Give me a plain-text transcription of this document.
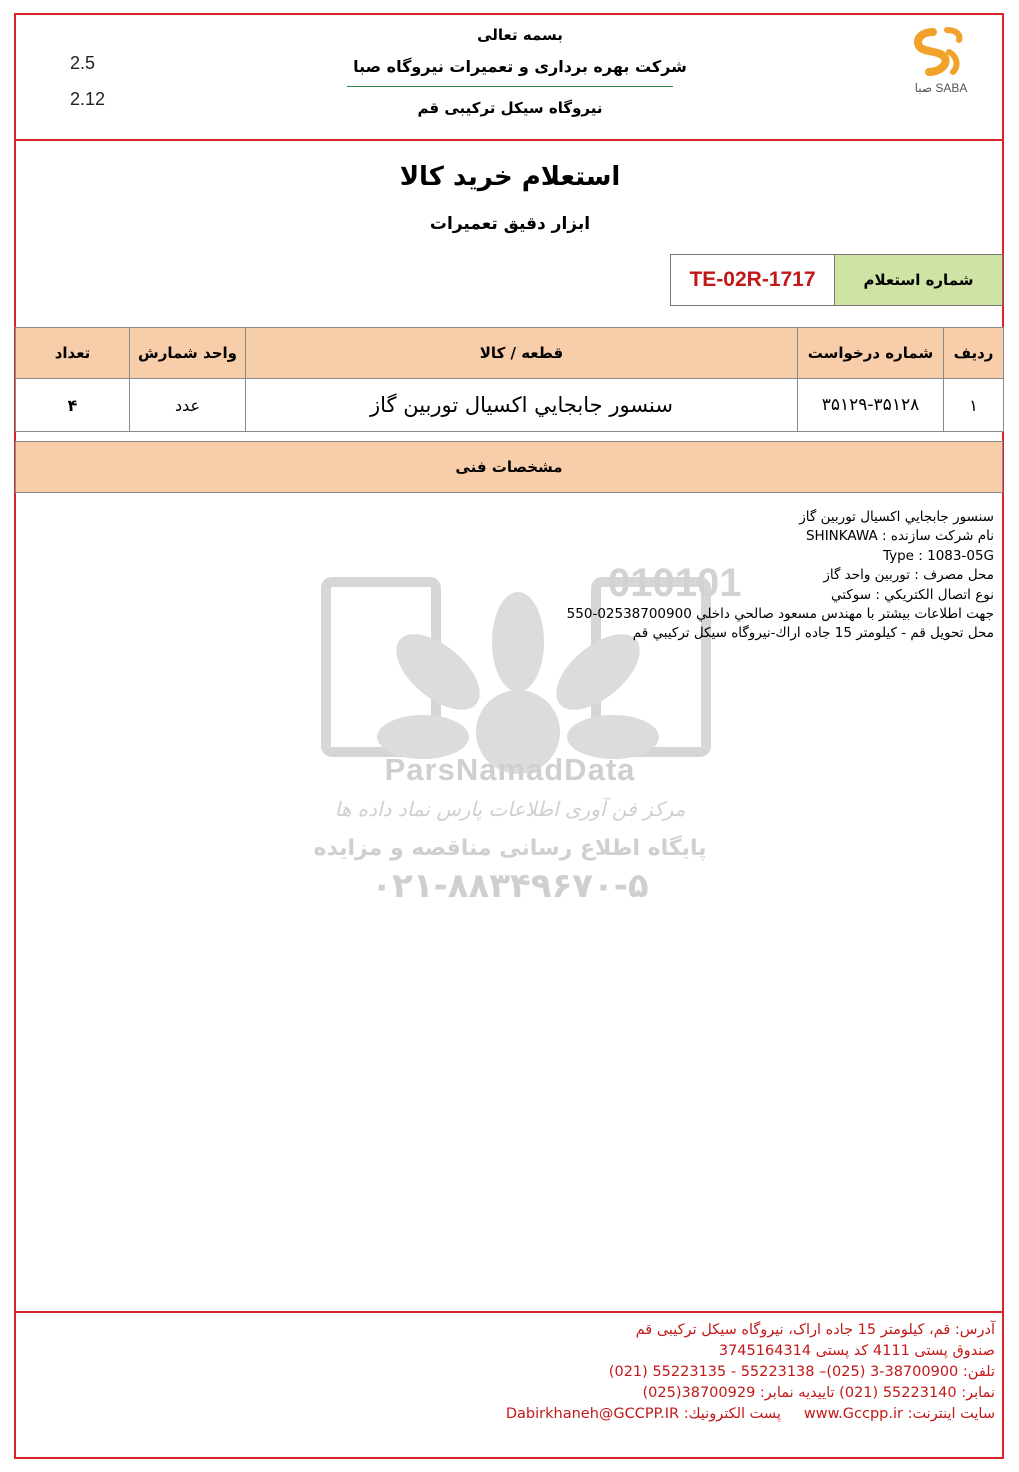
بسمه تعالی
شرکت بهره برداری و تعمیرات نیروگاه صبا
نیروگاه سیکل ترکیبی قم
2.5
2.12
صبا SABA
استعلام خرید کالا
ابزار دقیق تعمیرات
شماره استعلام
TE-02R-1717
ردیف	شماره درخواست	قطعه / کالا	واحد شمارش	تعداد
۱	۳۵۱۲۹-۳۵۱۲۸	سنسور جابجايي اكسيال توربين گاز	عدد	۴
مشخصات فنی
010101
ParsNamadData
مرکز فن آوری اطلاعات پارس نماد داده ها
پایگاه اطلاع رسانی مناقصه و مزایده
۰۲۱-۸۸۳۴۹۶۷۰-۵
سنسور جابجايي اكسيال توربين گاز
نام شركت سازنده : SHINKAWA
Type : 1083-05G
محل مصرف : توربين واحد گاز
نوع اتصال الكتريكي : سوكتي
جهت اطلاعات بيشتر با مهندس مسعود صالحي داخلي 02538700900-550
محل تحويل قم - كيلومتر 15 جاده اراك-نيروگاه سيكل تركيبي قم
آدرس: قم، کیلومتر 15 جاده اراک، نیروگاه سیکل ترکیبی قم
صندوق پستی 4111 کد پستی 3745164314
تلفن: 38700900-3 (025)– 55223138 - 55223135 (021)
نمابر: 55223140 (021) تاییدیه نمابر: 38700929(025)
سایت اینترنت: www.Gccpp.ir     پست الکترونیك: Dabirkhaneh@GCCPP.IR
